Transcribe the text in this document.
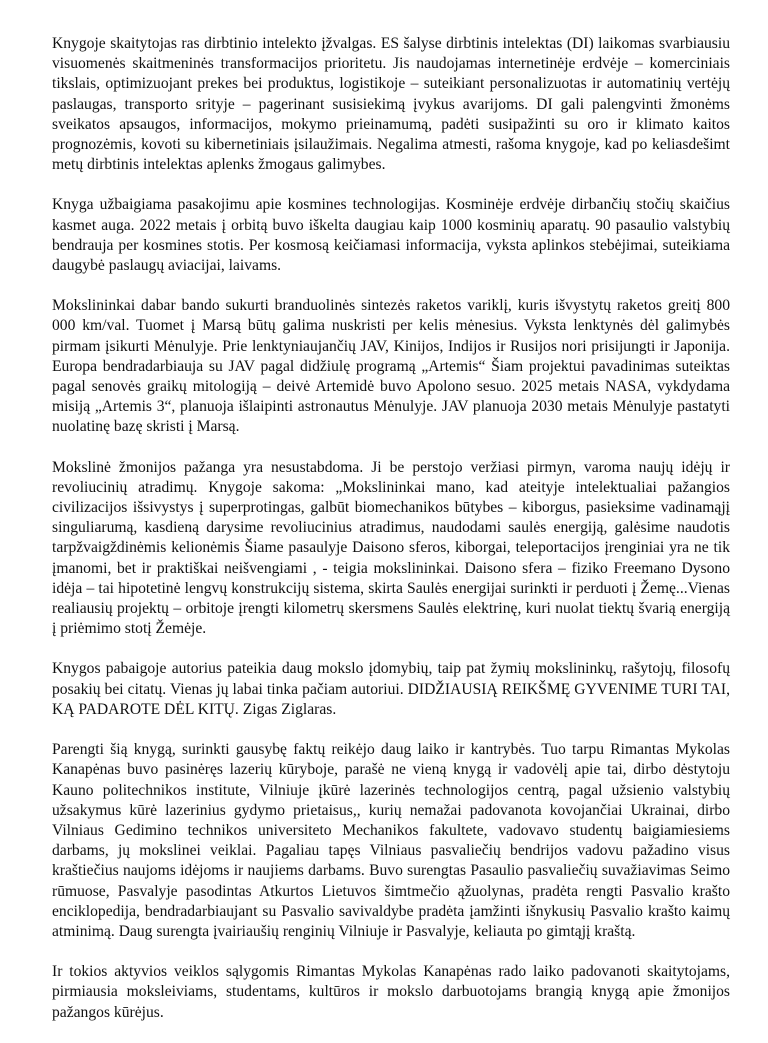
Knygoje skaitytojas ras dirbtinio intelekto įžvalgas. ES šalyse dirbtinis intelektas (DI) laikomas svarbiausiu visuomenės skaitmeninės transformacijos prioritetu. Jis naudojamas internetinėje erdvėje – komerciniais tikslais, optimizuojant prekes bei produktus, logistikoje – suteikiant personalizuotas ir automatinių vertėjų paslaugas, transporto srityje – pagerinant susisiekimą įvykus avarijoms. DI gali palengvinti žmonėms sveikatos apsaugos, informacijos, mokymo prieinamumą, padėti susipažinti su oro ir klimato kaitos prognozėmis, kovoti su kibernetiniais įsilaužimais. Negalima atmesti, rašoma knygoje, kad po keliasdešimt metų dirbtinis intelektas aplenks žmogaus galimybes.

Knyga užbaigiama pasakojimu apie kosmines technologijas. Kosminėje erdvėje dirbančių stočių skaičius kasmet auga. 2022 metais į orbitą buvo iškelta daugiau kaip 1000 kosminių aparatų. 90 pasaulio valstybių bendrauja per kosmines stotis. Per kosmosą keičiamasi informacija, vyksta aplinkos stebėjimai, suteikiama daugybė paslaugų aviacijai, laivams.

Mokslininkai dabar bando sukurti branduolinės sintezės raketos variklį, kuris išvystytų raketos greitį 800 000 km/val. Tuomet į Marsą būtų galima nuskristi per kelis mėnesius. Vyksta lenktynės dėl galimybės pirmam įsikurti Mėnulyje. Prie lenktyniaujančių JAV, Kinijos, Indijos ir Rusijos nori prisijungti ir Japonija. Europa bendradarbiauja su JAV pagal didžiulę programą „Artemis“ Šiam projektui pavadinimas suteiktas pagal senovės graikų mitologiją – deivė Artemidė buvo Apolono sesuo. 2025 metais NASA, vykdydama misiją „Artemis 3“, planuoja išlaipinti astronautus Mėnulyje. JAV planuoja 2030 metais Mėnulyje pastatyti nuolatinę bazę skristi į Marsą.

Mokslinė žmonijos pažanga yra nesustabdoma. Ji be perstojo veržiasi pirmyn, varoma naujų idėjų ir revoliucinių atradimų. Knygoje sakoma: „Mokslininkai mano, kad ateityje intelektualiai pažangios civilizacijos išsivystys į superprotingas, galbūt biomechanikos būtybes – kiborgus, pasieksime vadinamąjį singuliarumą, kasdieną darysime revoliucinius atradimus, naudodami saulės energiją, galėsime naudotis tarpžvaigždinėmis kelionėmis Šiame pasaulyje Daisono sferos, kiborgai, teleportacijos įrenginiai yra ne tik įmanomi, bet ir praktiškai neišvengiami , - teigia mokslininkai. Daisono sfera – fiziko Freemano Dysono idėja – tai hipotetinė lengvų konstrukcijų sistema, skirta Saulės energijai surinkti ir perduoti į Žemę...Vienas realiausių projektų – orbitoje įrengti kilometrų skersmens Saulės elektrinę, kuri nuolat tiektų švarią energiją į priėmimo stotį Žemėje.

Knygos pabaigoje autorius pateikia daug mokslo įdomybių, taip pat žymių mokslininkų, rašytojų, filosofų posakių bei citatų. Vienas jų labai tinka pačiam autoriui. DIDŽIAUSIĄ REIKŠMĘ GYVENIME TURI TAI, KĄ PADAROTE DĖL KITŲ. Zigas Ziglaras.

Parengti šią knygą, surinkti gausybę faktų reikėjo daug laiko ir kantrybės. Tuo tarpu Rimantas Mykolas Kanapėnas buvo pasinėręs lazerių kūryboje, parašė ne vieną knygą ir vadovėlį apie tai, dirbo dėstytoju Kauno politechnikos institute, Vilniuje įkūrė lazerinės technologijos centrą, pagal užsienio valstybių užsakymus kūrė lazerinius gydymo prietaisus,, kurių nemažai padovanota kovojančiai Ukrainai, dirbo Vilniaus Gedimino technikos universiteto Mechanikos fakultete, vadovavo studentų baigiamiesiems darbams, jų mokslinei veiklai. Pagaliau tapęs Vilniaus pasvaliečių bendrijos vadovu pažadino visus kraštiečius naujoms idėjoms ir naujiems darbams. Buvo surengtas Pasaulio pasvaliečių suvažiavimas Seimo rūmuose, Pasvalyje pasodintas Atkurtos Lietuvos šimtmečio ąžuolynas, pradėta rengti Pasvalio krašto enciklopedija, bendradarbiaujant su Pasvalio savivaldybe pradėta įamžinti išnykusių Pasvalio krašto kaimų atminimą. Daug surengta įvairiaušių renginių Vilniuje ir Pasvalyje, keliauta po gimtąjį kraštą.

Ir tokios aktyvios veiklos sąlygomis Rimantas Mykolas Kanapėnas rado laiko padovanoti skaitytojams, pirmiausia moksleiviams, studentams, kultūros ir mokslo darbuotojams brangią knygą apie žmonijos pažangos kūrėjus.
